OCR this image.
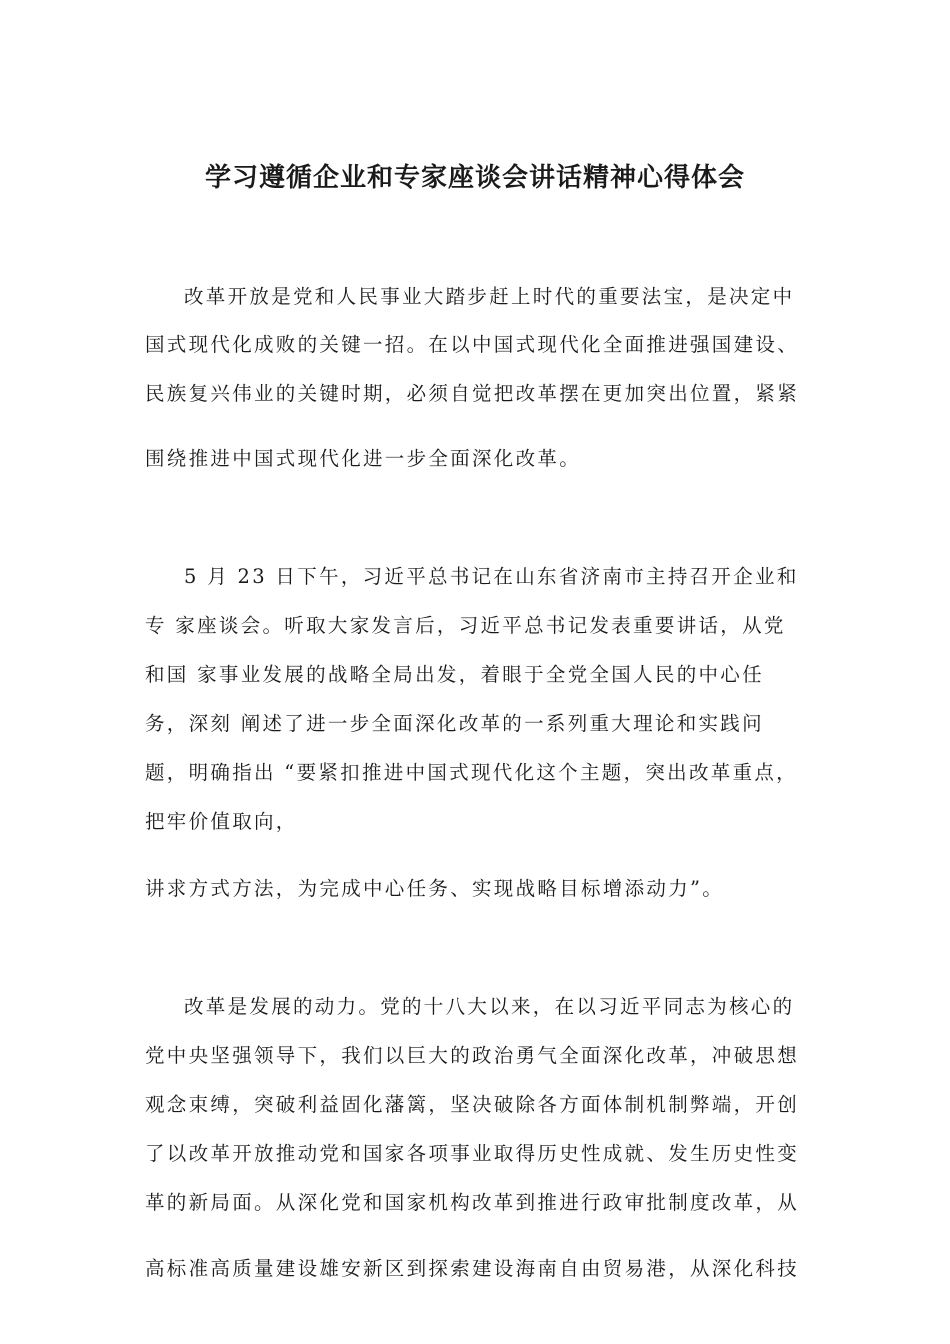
学习遵循企业和专家座谈会讲话精神心得体会
改革开放是党和人民事业大踏步赶上时代的重要法宝，是决定中
国式现代化成败的关键一招。在以中国式现代化全面推进强国建设、
民族复兴伟业的关键时期，必须自觉把改革摆在更加突出位置，紧紧
围绕推进中国式现代化进一步全面深化改革。
5 月 23 日下午，习近平总书记在山东省济南市主持召开企业和
专 家座谈会。听取大家发言后，习近平总书记发表重要讲话，从党
和国 家事业发展的战略全局出发，着眼于全党全国人民的中心任
务，深刻 阐述了进一步全面深化改革的一系列重大理论和实践问
题，明确指出 “要紧扣推进中国式现代化这个主题，突出改革重点，
把牢价值取向，
讲求方式方法，为完成中心任务、实现战略目标增添动力”。
改革是发展的动力。党的十八大以来，在以习近平同志为核心的
党中央坚强领导下，我们以巨大的政治勇气全面深化改革，冲破思想
观念束缚，突破利益固化藩篱，坚决破除各方面体制机制弊端，开创
了以改革开放推动党和国家各项事业取得历史性成就、发生历史性变
革的新局面。从深化党和国家机构改革到推进行政审批制度改革，从
高标准高质量建设雄安新区到探索建设海南自由贸易港，从深化科技
